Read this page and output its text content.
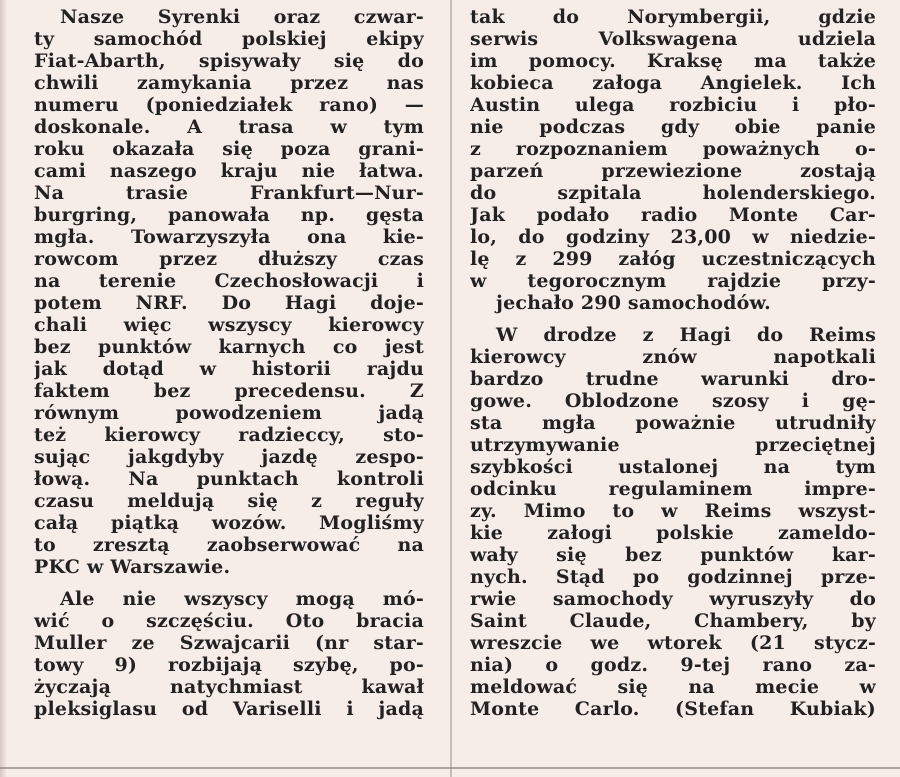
Nasze Syrenki oraz czwar-
ty samochód polskiej ekipy
Fiat-Abarth, spisywały się do
chwili zamykania przez nas
numeru (poniedziałek rano) —
doskonale. A trasa w tym
roku okazała się poza grani-
cami naszego kraju nie łatwa.
Na trasie Frankfurt—Nur-
burgring, panowała np. gęsta
mgła. Towarzyszyła ona kie-
rowcom przez dłuższy czas
na terenie Czechosłowacji i
potem NRF. Do Hagi doje-
chali więc wszyscy kierowcy
bez punktów karnych co jest
jak dotąd w historii rajdu
faktem bez precedensu. Z
równym powodzeniem jadą
też kierowcy radzieccy, sto-
sując jakgdyby jazdę zespo-
łową. Na punktach kontroli
czasu meldują się z reguły
całą piątką wozów. Mogliśmy
to zresztą zaobserwować na
PKC w Warszawie.

Ale nie wszyscy mogą mó-
wić o szczęściu. Oto bracia
Muller ze Szwajcarii (nr star-
towy 9) rozbijają szybę, po-
życzają natychmiast kawał
pleksiglasu od Variselli i jadą

tak do Norymbergii, gdzie
serwis Volkswagena udziela
im pomocy. Kraksę ma także
kobieca załoga Angielek. Ich
Austin ulega rozbiciu i pło-
nie podczas gdy obie panie
z rozpoznaniem poważnych o-
parzeń przewiezione zostają
do szpitala holenderskiego.
Jak podało radio Monte Car-
lo, do godziny 23,00 w niedzie-
lę z 299 załóg uczestniczących
w tegorocznym rajdzie przy-
jechało 290 samochodów.

W drodze z Hagi do Reims
kierowcy znów napotkali
bardzo trudne warunki dro-
gowe. Oblodzone szosy i gę-
sta mgła poważnie utrudniły
utrzymywanie przeciętnej
szybkości ustalonej na tym
odcinku regulaminem impre-
zy. Mimo to w Reims wszyst-
kie załogi polskie zameldo-
wały się bez punktów kar-
nych. Stąd po godzinnej prze-
rwie samochody wyruszyły do
Saint Claude, Chambery, by
wreszcie we wtorek (21 stycz-
nia) o godz. 9-tej rano za-
meldować się na mecie w
Monte Carlo. (Stefan Kubiak)
